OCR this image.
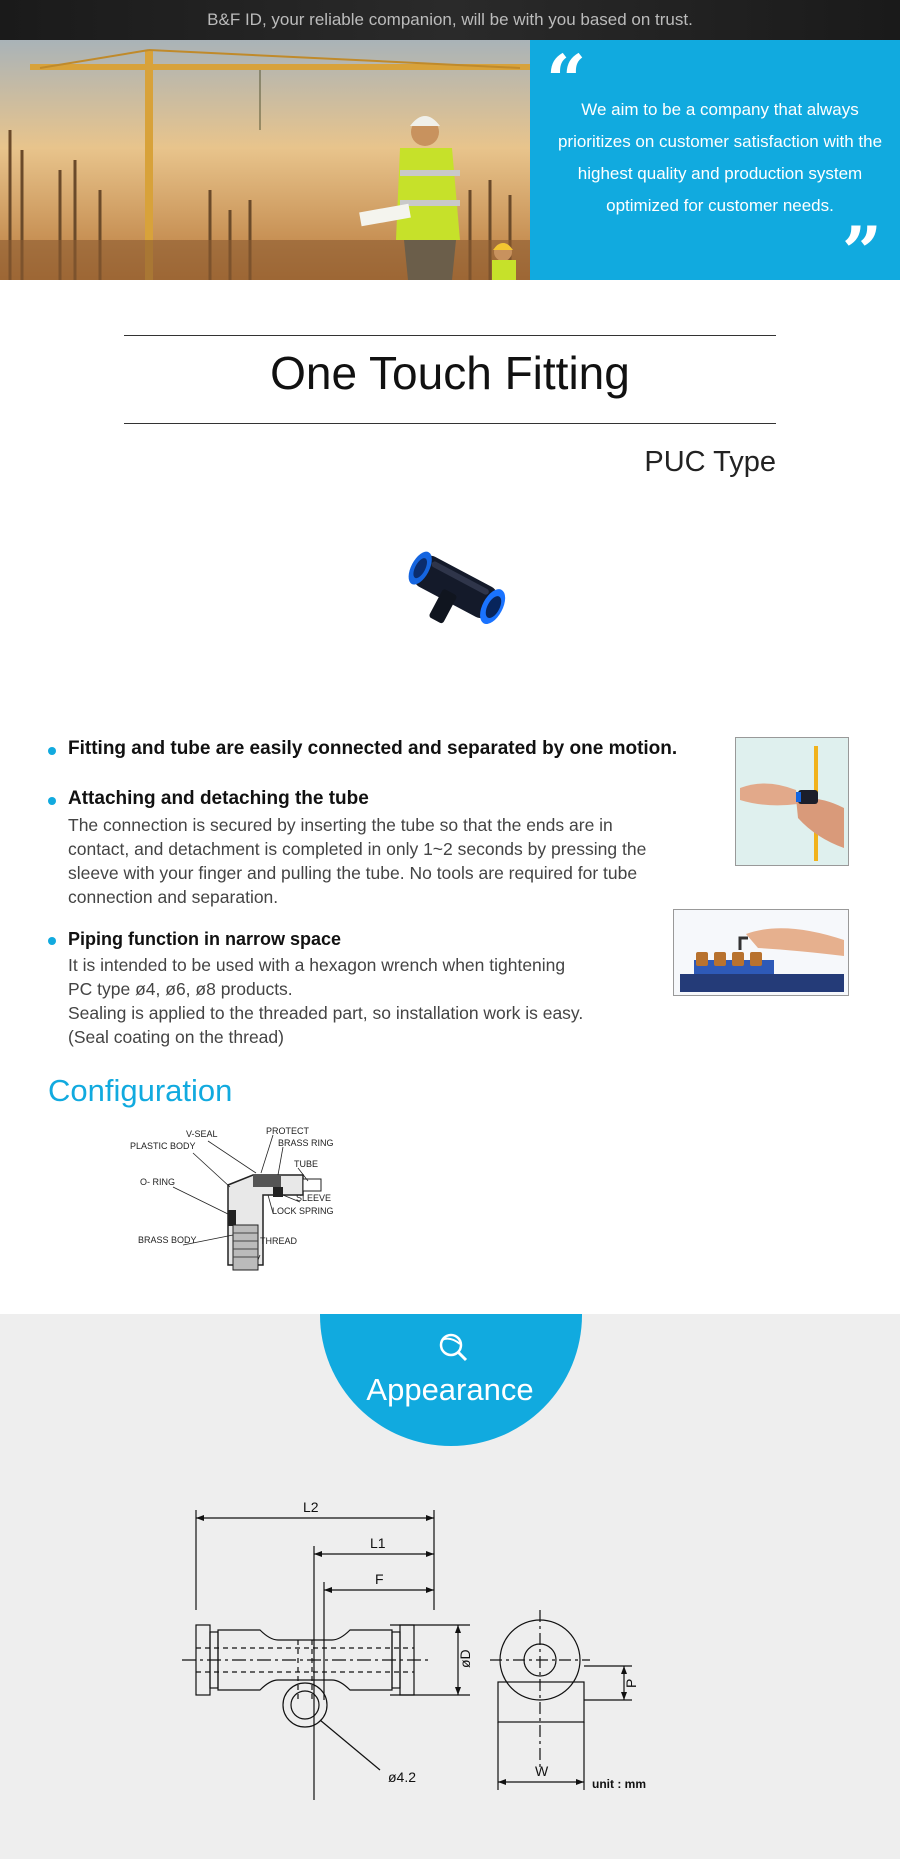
B&F ID, your reliable companion, will be with you based on trust.
“
We aim to be a company that always prioritizes on customer satisfaction with the highest quality and production system optimized for customer needs.
”
One Touch Fitting
PUC Type
Fitting and tube are easily connected and separated by one motion.
Attaching and detaching the tube
The connection is secured by inserting the tube so that the ends are in contact, and detachment is completed in only 1~2 seconds by pressing the sleeve with your finger and pulling the tube. No tools are required for tube connection and separation.
Piping function in narrow space
It is intended to be used with a hexagon wrench when tightening
PC type ø4, ø6, ø8 products.
Sealing is applied to the threaded part, so installation work is easy.
(Seal coating on the thread)
Configuration
V-SEAL	PROTECT
BRASS RING
PLASTIC BODY
TUBE
O- RING
SLEEVE
LOCK SPRING
BRASS BODY	THREAD
Appearance
L2
L1
F
øD
ø4.2
P
W
unit : mm
